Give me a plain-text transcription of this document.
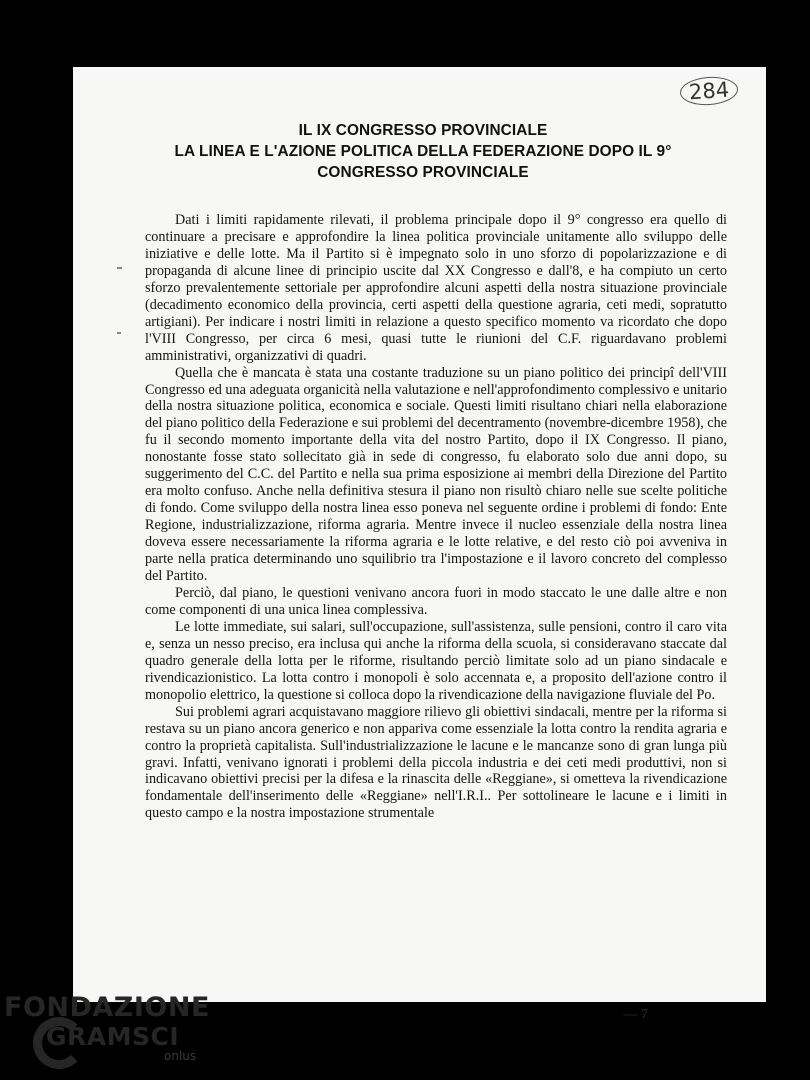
284
IL IX CONGRESSO PROVINCIALE
LA LINEA E L'AZIONE POLITICA DELLA FEDERAZIONE DOPO IL 9°
CONGRESSO PROVINCIALE

Dati i limiti rapidamente rilevati, il problema principale dopo il 9° congresso era quello di continuare a precisare e approfondire la linea politica provinciale unitamente allo sviluppo delle iniziative e delle lotte. Ma il Partito si è impegnato solo in uno sforzo di popolarizzazione e di propaganda di alcune linee di principio uscite dal XX Congresso e dall'8, e ha compiuto un certo sforzo prevalentemente settoriale per approfondire alcuni aspetti della nostra situazione provinciale (decadimento economico della provincia, certi aspetti della questione agraria, ceti medi, sopratutto artigiani). Per indicare i nostri limiti in relazione a questo specifico momento va ricordato che dopo l'VIII Congresso, per circa 6 mesi, quasi tutte le riunioni del C.F. riguardavano problemi amministrativi, organizzativi di quadri.

Quella che è mancata è stata una costante traduzione su un piano politico dei principî dell'VIII Congresso ed una adeguata organicità nella valutazione e nell'approfondimento complessivo e unitario della nostra situazione politica, economica e sociale. Questi limiti risultano chiari nella elaborazione del piano politico della Federazione e sui problemi del decentramento (novembre-dicembre 1958), che fu il secondo momento importante della vita del nostro Partito, dopo il IX Congresso. Il piano, nonostante fosse stato sollecitato già in sede di congresso, fu elaborato solo due anni dopo, su suggerimento del C.C. del Partito e nella sua prima esposizione ai membri della Direzione del Partito era molto confuso. Anche nella definitiva stesura il piano non risultò chiaro nelle sue scelte politiche di fondo. Come sviluppo della nostra linea esso poneva nel seguente ordine i problemi di fondo: Ente Regione, industrializzazione, riforma agraria. Mentre invece il nucleo essenziale della nostra linea doveva essere necessariamente la riforma agraria e le lotte relative, e del resto ciò poi avveniva in parte nella pratica determinando uno squilibrio tra l'impostazione e il lavoro concreto del complesso del Partito.

Perciò, dal piano, le questioni venivano ancora fuori in modo staccato le une dalle altre e non come componenti di una unica linea complessiva.

Le lotte immediate, sui salari, sull'occupazione, sull'assistenza, sulle pensioni, contro il caro vita e, senza un nesso preciso, era inclusa qui anche la riforma della scuola, si consideravano staccate dal quadro generale della lotta per le riforme, risultando perciò limitate solo ad un piano sindacale e rivendicazionistico. La lotta contro i monopoli è solo accennata e, a proposito dell'azione contro il monopolio elettrico, la questione si colloca dopo la rivendicazione della navigazione fluviale del Po.

Sui problemi agrari acquistavano maggiore rilievo gli obiettivi sindacali, mentre per la riforma si restava su un piano ancora generico e non appariva come essenziale la lotta contro la rendita agraria e contro la proprietà capitalista. Sull'industrializzazione le lacune e le mancanze sono di gran lunga più gravi. Infatti, venivano ignorati i problemi della piccola industria e dei ceti medi produttivi, non si indicavano obiettivi precisi per la difesa e la rinascita delle «Reggiane», si ometteva la rivendicazione fondamentale dell'inserimento delle «Reggiane» nell'I.R.I.. Per sottolineare le lacune e i limiti in questo campo e la nostra impostazione strumentale

— 7
FONDAZIONE
GRAMSCI
onlus
